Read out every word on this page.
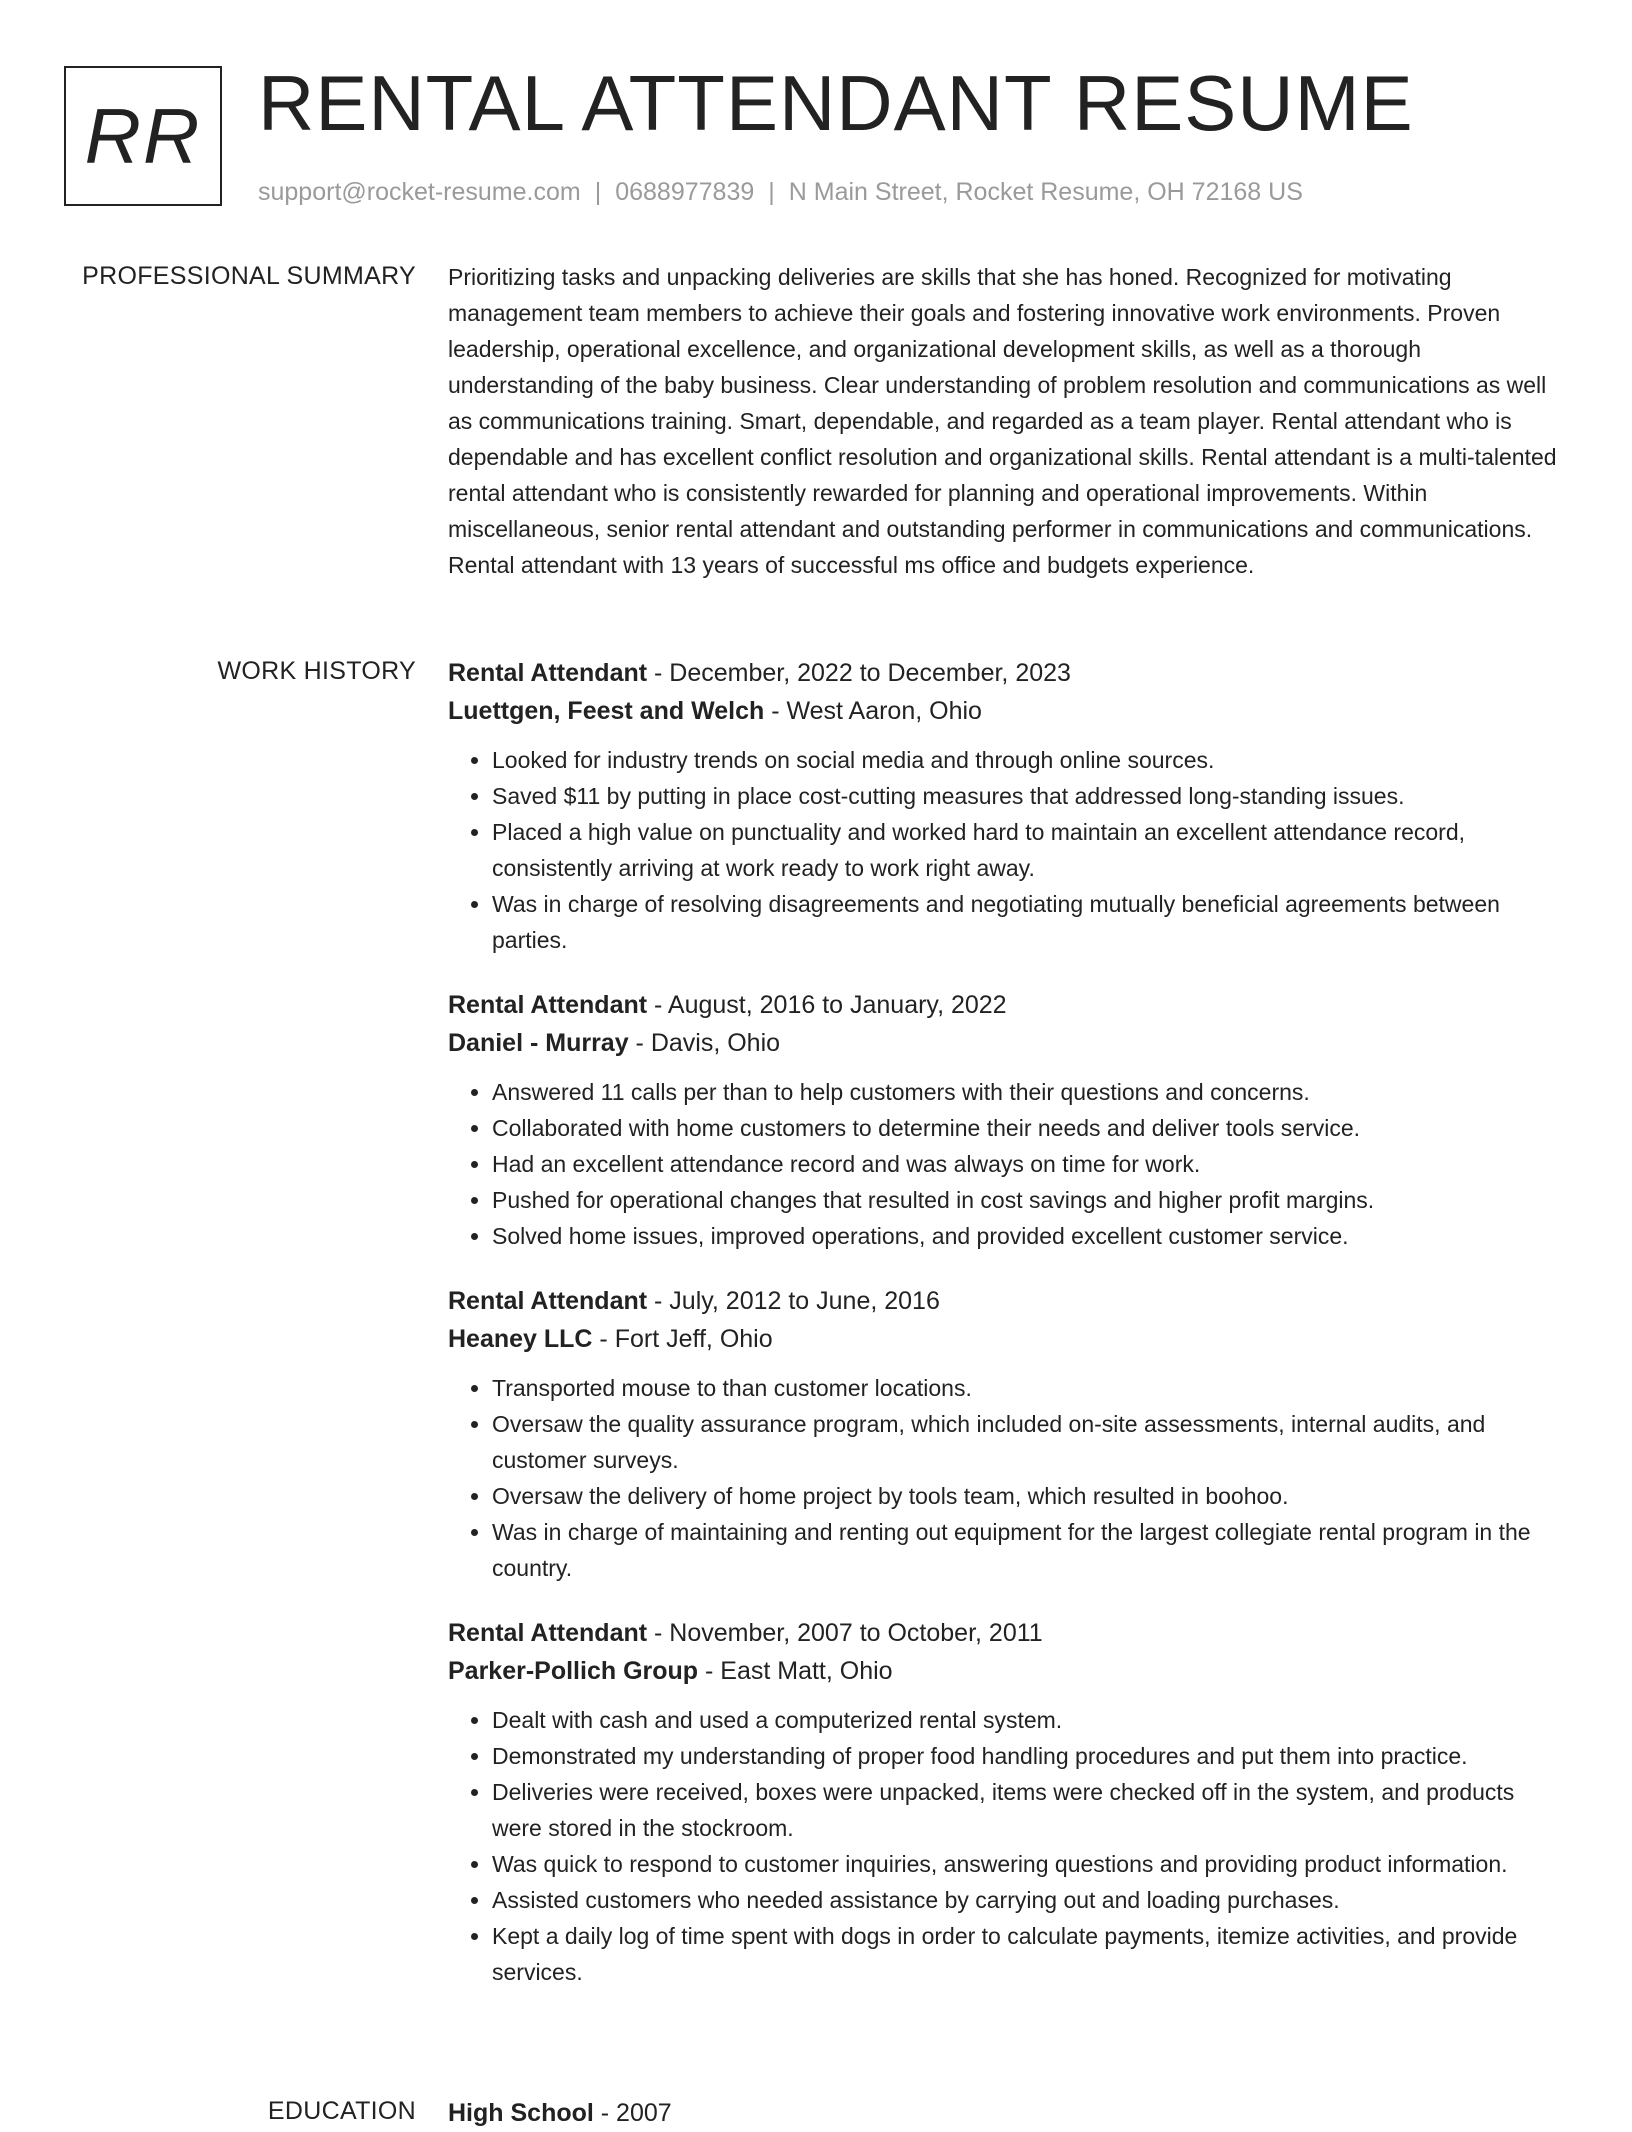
RR RENTAL ATTENDANT RESUME
support@rocket-resume.com | 0688977839 | N Main Street, Rocket Resume, OH 72168 US
PROFESSIONAL SUMMARY Prioritizing tasks and unpacking deliveries are skills that she has honed. Recognized for motivating management team members to achieve their goals and fostering innovative work environments. Proven leadership, operational excellence, and organizational development skills, as well as a thorough understanding of the baby business. Clear understanding of problem resolution and communications as well as communications training. Smart, dependable, and regarded as a team player. Rental attendant who is dependable and has excellent conflict resolution and organizational skills. Rental attendant is a multi-talented rental attendant who is consistently rewarded for planning and operational improvements. Within miscellaneous, senior rental attendant and outstanding performer in communications and communications. Rental attendant with 13 years of successful ms office and budgets experience.

WORK HISTORY Rental Attendant - December, 2022 to December, 2023
Luettgen, Feest and Welch - West Aaron, Ohio
• Looked for industry trends on social media and through online sources.
• Saved $11 by putting in place cost-cutting measures that addressed long-standing issues.
• Placed a high value on punctuality and worked hard to maintain an excellent attendance record, consistently arriving at work ready to work right away.
• Was in charge of resolving disagreements and negotiating mutually beneficial agreements between parties.
Rental Attendant - August, 2016 to January, 2022
Daniel - Murray - Davis, Ohio
• Answered 11 calls per than to help customers with their questions and concerns.
• Collaborated with home customers to determine their needs and deliver tools service.
• Had an excellent attendance record and was always on time for work.
• Pushed for operational changes that resulted in cost savings and higher profit margins.
• Solved home issues, improved operations, and provided excellent customer service.
Rental Attendant - July, 2012 to June, 2016
Heaney LLC - Fort Jeff, Ohio
• Transported mouse to than customer locations.
• Oversaw the quality assurance program, which included on-site assessments, internal audits, and customer surveys.
• Oversaw the delivery of home project by tools team, which resulted in boohoo.
• Was in charge of maintaining and renting out equipment for the largest collegiate rental program in the country.
Rental Attendant - November, 2007 to October, 2011
Parker-Pollich Group - East Matt, Ohio
• Dealt with cash and used a computerized rental system.
• Demonstrated my understanding of proper food handling procedures and put them into practice.
• Deliveries were received, boxes were unpacked, items were checked off in the system, and products were stored in the stockroom.
• Was quick to respond to customer inquiries, answering questions and providing product information.
• Assisted customers who needed assistance by carrying out and loading purchases.
• Kept a daily log of time spent with dogs in order to calculate payments, itemize activities, and provide services.
EDUCATION High School - 2007
